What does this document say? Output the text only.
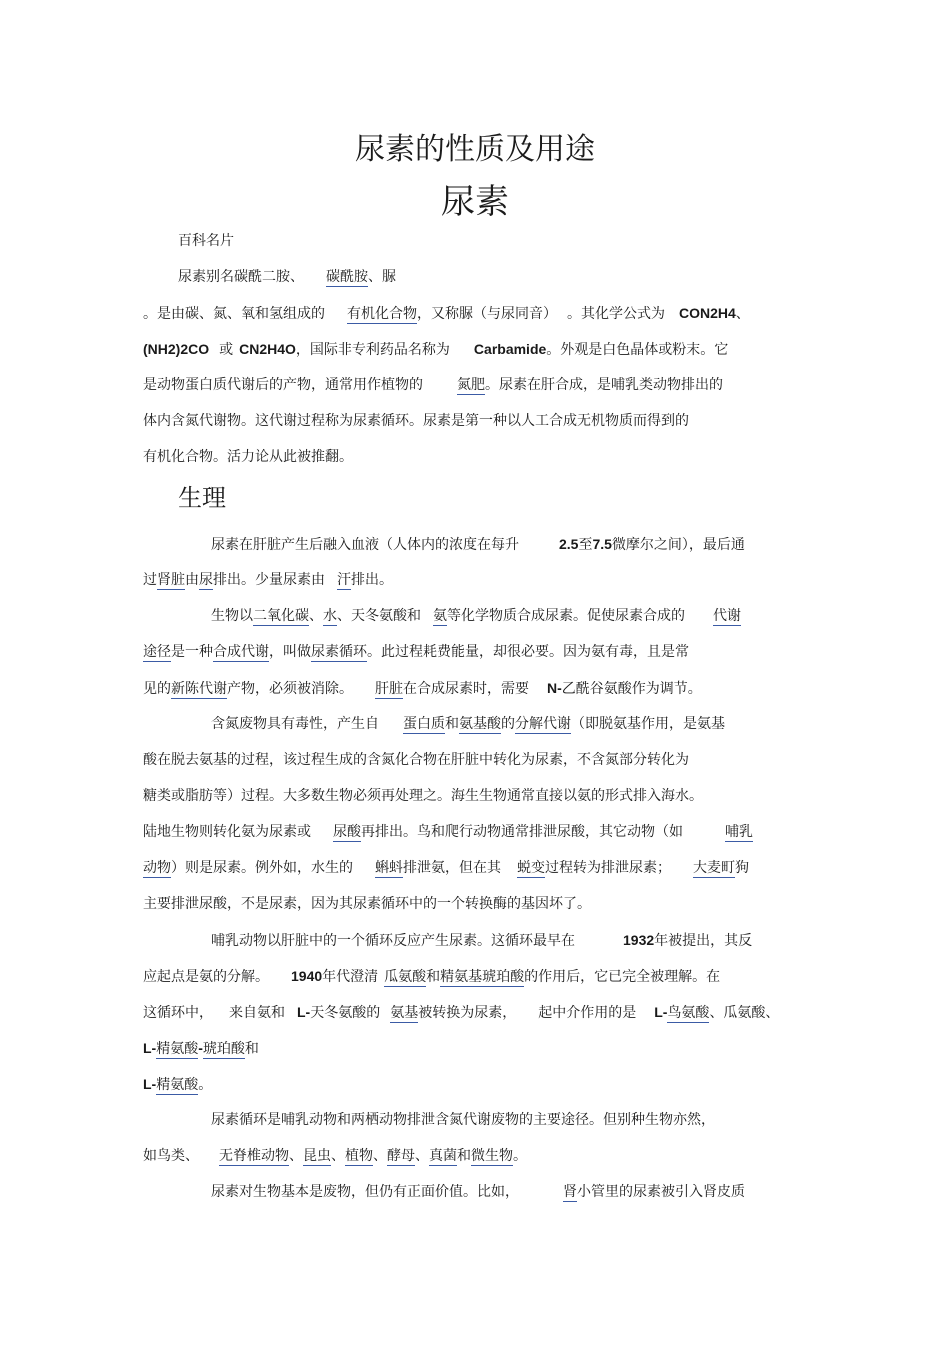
尿素的性质及用途
尿素
生理
百科名片
尿素别名碳酰二胺、 碳酰胺、脲
。是由碳、氮、氧和氢组成的 有机化合物，又称脲（与尿同音） 。其化学公式为 CON2H4、
(NH2)2CO 或 CN2H4O，国际非专利药品名称为 Carbamide。外观是白色晶体或粉末。它
是动物蛋白质代谢后的产物，通常用作植物的 氮肥。尿素在肝合成，是哺乳类动物排出的
体内含氮代谢物。这代谢过程称为尿素循环。尿素是第一种以人工合成无机物质而得到的
有机化合物。活力论从此被推翻。
尿素在肝脏产生后融入血液（人体内的浓度在每升	2.5至7.5微摩尔之间），最后通
过肾脏由尿排出。少量尿素由 汗排出。
生物以二氧化碳、水、天冬氨酸和 氨等化学物质合成尿素。促使尿素合成的 代谢
途径是一种合成代谢，叫做尿素循环。此过程耗费能量，却很必要。因为氨有毒，且是常
见的新陈代谢产物，必须被消除。 肝脏在合成尿素时，需要 N-乙酰谷氨酸作为调节。
含氮废物具有毒性，产生自 蛋白质和氨基酸的分解代谢（即脱氨基作用，是氨基
酸在脱去氨基的过程，该过程生成的含氮化合物在肝脏中转化为尿素，不含氮部分转化为
糖类或脂肪等）过程。大多数生物必须再处理之。海生生物通常直接以氨的形式排入海水。
陆地生物则转化氨为尿素或 尿酸再排出。鸟和爬行动物通常排泄尿酸，其它动物（如	哺乳
动物）则是尿素。例外如，水生的 蝌蚪排泄氨，但在其 蜕变过程转为排泄尿素； 大麦町狗
主要排泄尿酸，不是尿素，因为其尿素循环中的一个转换酶的基因坏了。
哺乳动物以肝脏中的一个循环反应产生尿素。这循环最早在	1932年被提出，其反
应起点是氨的分解。 1940年代澄清 瓜氨酸和精氨基琥珀酸的作用后，它已完全被理解。在
这循环中， 来自氨和 L-天冬氨酸的 氨基被转换为尿素， 起中介作用的是 L-鸟氨酸、瓜氨酸、
L-精氨酸-琥珀酸和
L-精氨酸。
尿素循环是哺乳动物和两栖动物排泄含氮代谢废物的主要途径。但别种生物亦然，
如鸟类、 无脊椎动物、昆虫、植物、酵母、真菌和微生物。
尿素对生物基本是废物，但仍有正面价值。比如，	肾小管里的尿素被引入肾皮质
